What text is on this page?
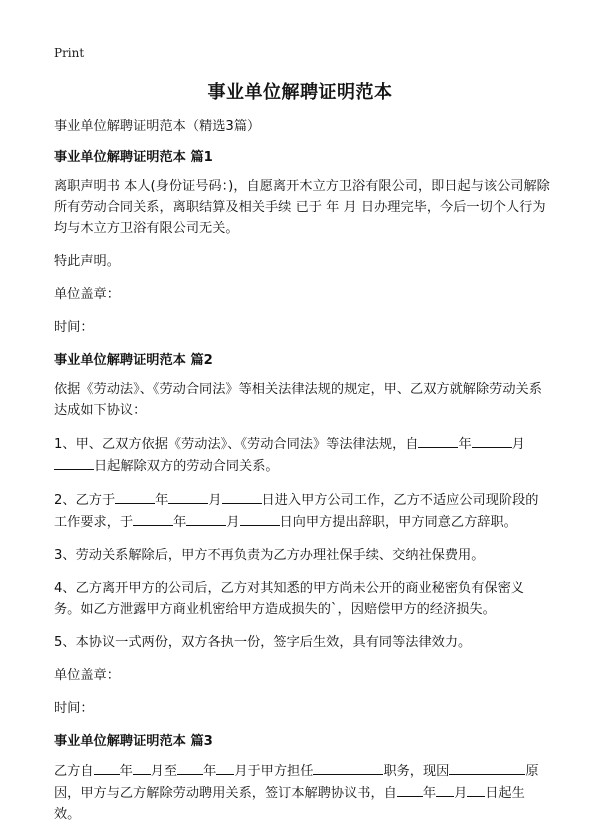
Print
事业单位解聘证明范本
事业单位解聘证明范本（精选3篇）
事业单位解聘证明范本 篇1
离职声明书 本人(身份证号码：)，自愿离开木立方卫浴有限公司，即日起与该公司解除所有劳动合同关系，离职结算及相关手续 已于 年 月 日办理完毕，今后一切个人行为均与木立方卫浴有限公司无关。
特此声明。
单位盖章：
时间：
事业单位解聘证明范本 篇2
依据《劳动法》、《劳动合同法》等相关法律法规的规定，甲、乙双方就解除劳动关系达成如下协议：
1、甲、乙双方依据《劳动法》、《劳动合同法》等法律法规，自	年	月
日起解除双方的劳动合同关系。
2、乙方于	年	月	日进入甲方公司工作，乙方不适应公司现阶段的工作要求，于	年	月	日向甲方提出辞职，甲方同意乙方辞职。
3、劳动关系解除后，甲方不再负责为乙方办理社保手续、交纳社保费用。
4、乙方离开甲方的公司后，乙方对其知悉的甲方尚未公开的商业秘密负有保密义务。如乙方泄露甲方商业机密给甲方造成损失的`，因赔偿甲方的经济损失。
5、本协议一式两份，双方各执一份，签字后生效，具有同等法律效力。
单位盖章：
时间：
事业单位解聘证明范本 篇3
乙方自 年 月至 年 月于甲方担任	职务，现因	原因，甲方与乙方解除劳动聘用关系，签订本解聘协议书，自 年 月 日起生效。
